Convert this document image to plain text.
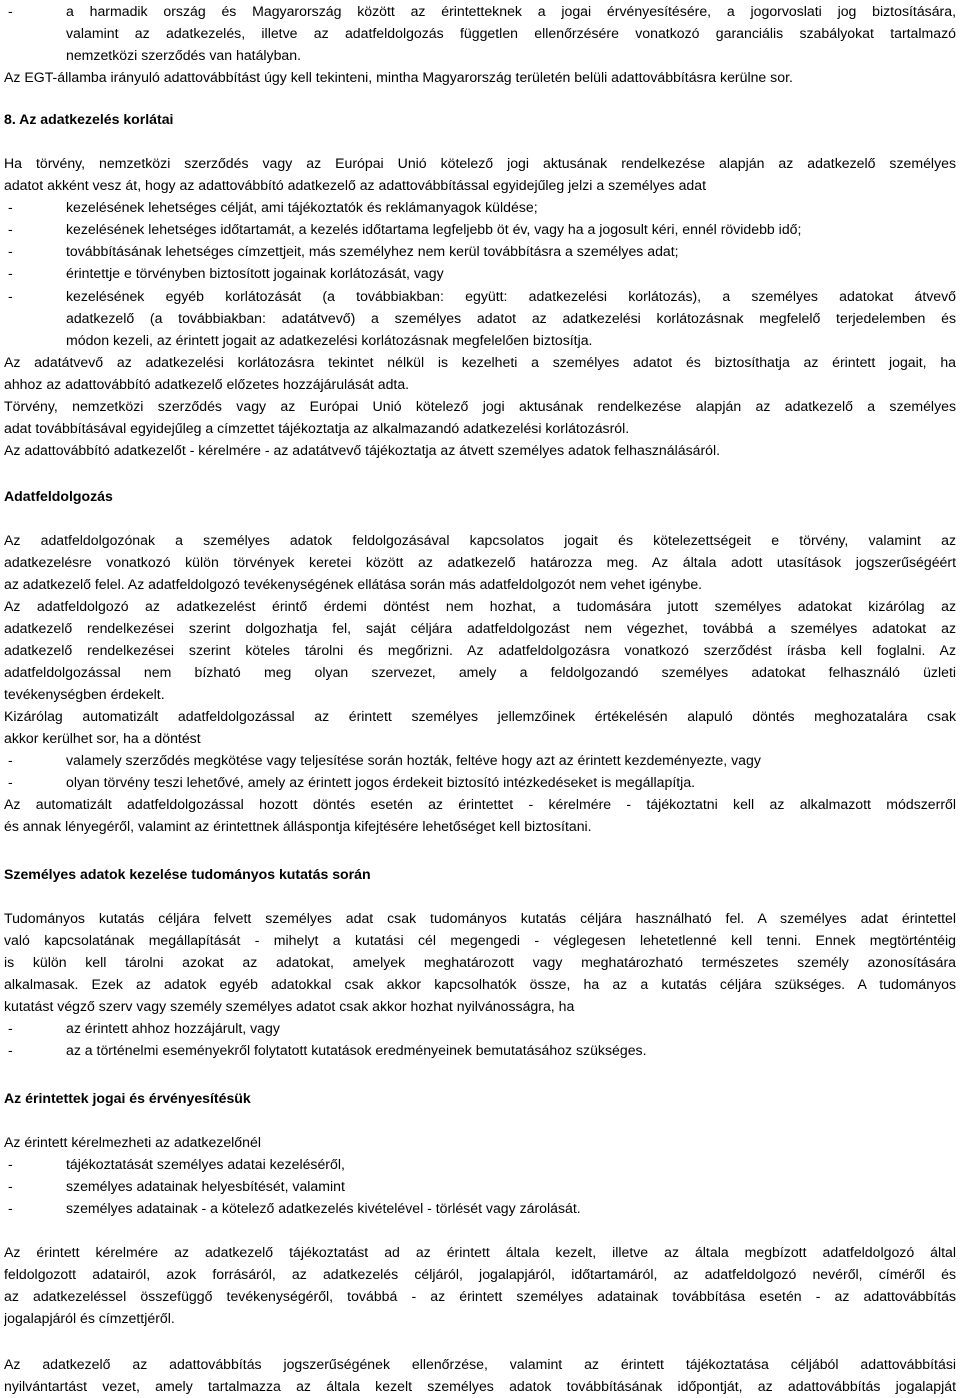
-	a harmadik ország és Magyarország között az érintetteknek a jogai érvényesítésére, a jogorvoslati jog biztosítására,
valamint az adatkezelés, illetve az adatfeldolgozás független ellenőrzésére vonatkozó garanciális szabályokat tartalmazó
nemzetközi szerződés van hatályban.
Az EGT-állambа irányuló adattovábbítást úgy kell tekinteni, mintha Magyarország területén belüli adattovábbításra kerülne sor.
8. Az adatkezelés korlátai
Ha törvény, nemzetközi szerződés vagy az Európai Unió kötelező jogi aktusának rendelkezése alapján az adatkezelő személyes
adatot akként vesz át, hogy az adattovábbító adatkezelő az adattovábbítással egyidejűleg jelzi a személyes adat
-	kezelésének lehetséges célját, ami tájékoztatók és reklámanyagok küldése;
-	kezelésének lehetséges időtartamát, a kezelés időtartama legfeljebb öt év, vagy ha a jogosult kéri, ennél rövidebb idő;
-	továbbításának lehetséges címzettjeit, más személyhez nem kerül továbbításra a személyes adat;
-	érintettje e törvényben biztosított jogainak korlátozását, vagy
-	kezelésének egyéb korlátozását (a továbbiakban: együtt: adatkezelési korlátozás), a személyes adatokat átvevő
adatkezelő (a továbbiakban: adatátvevő) a személyes adatot az adatkezelési korlátozásnak megfelelő terjedelemben és
módon kezeli, az érintett jogait az adatkezelési korlátozásnak megfelelően biztosítja.
Az adatátvevő az adatkezelési korlátozásra tekintet nélkül is kezelheti a személyes adatot és biztosíthatja az érintett jogait, ha
ahhoz az adattovábbító adatkezelő előzetes hozzájárulását adta.
Törvény, nemzetközi szerződés vagy az Európai Unió kötelező jogi aktusának rendelkezése alapján az adatkezelő a személyes
adat továbbításával egyidejűleg a címzettet tájékoztatja az alkalmazandó adatkezelési korlátozásról.
Az adattovábbító adatkezelőt - kérelmére - az adatátvevő tájékoztatja az átvett személyes adatok felhasználásáról.
Adatfeldolgozás
Az adatfeldolgozónak a személyes adatok feldolgozásával kapcsolatos jogait és kötelezettségeit e törvény, valamint az
adatkezelésre vonatkozó külön törvények keretei között az adatkezelő határozza meg. Az általa adott utasítások jogszerűségéért
az adatkezelő felel. Az adatfeldolgozó tevékenységének ellátása során más adatfeldolgozót nem vehet igénybe.
Az adatfeldolgozó az adatkezelést érintő érdemi döntést nem hozhat, a tudomására jutott személyes adatokat kizárólag az
adatkezelő rendelkezései szerint dolgozhatja fel, saját céljára adatfeldolgozást nem végezhet, továbbá a személyes adatokat az
adatkezelő rendelkezései szerint köteles tárolni és megőrizni. Az adatfeldolgozásra vonatkozó szerződést írásba kell foglalni. Az
adatfeldolgozással nem bízható meg olyan szervezet, amely a feldolgozandó személyes adatokat felhasználó üzleti
tevékenységben érdekelt.
Kizárólag automatizált adatfeldolgozással az érintett személyes jellemzőinek értékelésén alapuló döntés meghozatalára csak
akkor kerülhet sor, ha a döntést
-	valamely szerződés megkötése vagy teljesítése során hozták, feltéve hogy azt az érintett kezdeményezte, vagy
-	olyan törvény teszi lehetővé, amely az érintett jogos érdekeit biztosító intézkedéseket is megállapítja.
Az automatizált adatfeldolgozással hozott döntés esetén az érintettet - kérelmére - tájékoztatni kell az alkalmazott módszerről
és annak lényegéről, valamint az érintettnek álláspontja kifejtésére lehetőséget kell biztosítani.
Személyes adatok kezelése tudományos kutatás során
Tudományos kutatás céljára felvett személyes adat csak tudományos kutatás céljára használható fel. A személyes adat érintettel
való kapcsolatának megállapítását - mihelyt a kutatási cél megengedi - véglegesen lehetetlenné kell tenni. Ennek megtörténtéig
is külön kell tárolni azokat az adatokat, amelyek meghatározott vagy meghatározható természetes személy azonosítására
alkalmasak. Ezek az adatok egyéb adatokkal csak akkor kapcsolhatók össze, ha az a kutatás céljára szükséges. A tudományos
kutatást végző szerv vagy személy személyes adatot csak akkor hozhat nyilvánosságra, ha
-	az érintett ahhoz hozzájárult, vagy
-	az a történelmi eseményekről folytatott kutatások eredményeinek bemutatásához szükséges.
Az érintettek jogai és érvényesítésük
Az érintett kérelmezheti az adatkezelőnél
-	tájékoztatását személyes adatai kezeléséről,
-	személyes adatainak helyesbítését, valamint
-	személyes adatainak - a kötelező adatkezelés kivételével - törlését vagy zárolását.
Az érintett kérelmére az adatkezelő tájékoztatást ad az érintett általa kezelt, illetve az általa megbízott adatfeldolgozó által
feldolgozott adatairól, azok forrásáról, az adatkezelés céljáról, jogalapjáról, időtartamáról, az adatfeldolgozó nevéről, címéről és
az adatkezeléssel összefüggő tevékenységéről, továbbá - az érintett személyes adatainak továbbítása esetén - az adattovábbítás
jogalapjáról és címzettjéről.
Az adatkezelő az adattovábbítás jogszerűségének ellenőrzése, valamint az érintett tájékoztatása céljából adattovábbítási
nyilvántartást vezet, amely tartalmazza az általa kezelt személyes adatok továbbításának időpontját, az adattovábbítás jogalapját
